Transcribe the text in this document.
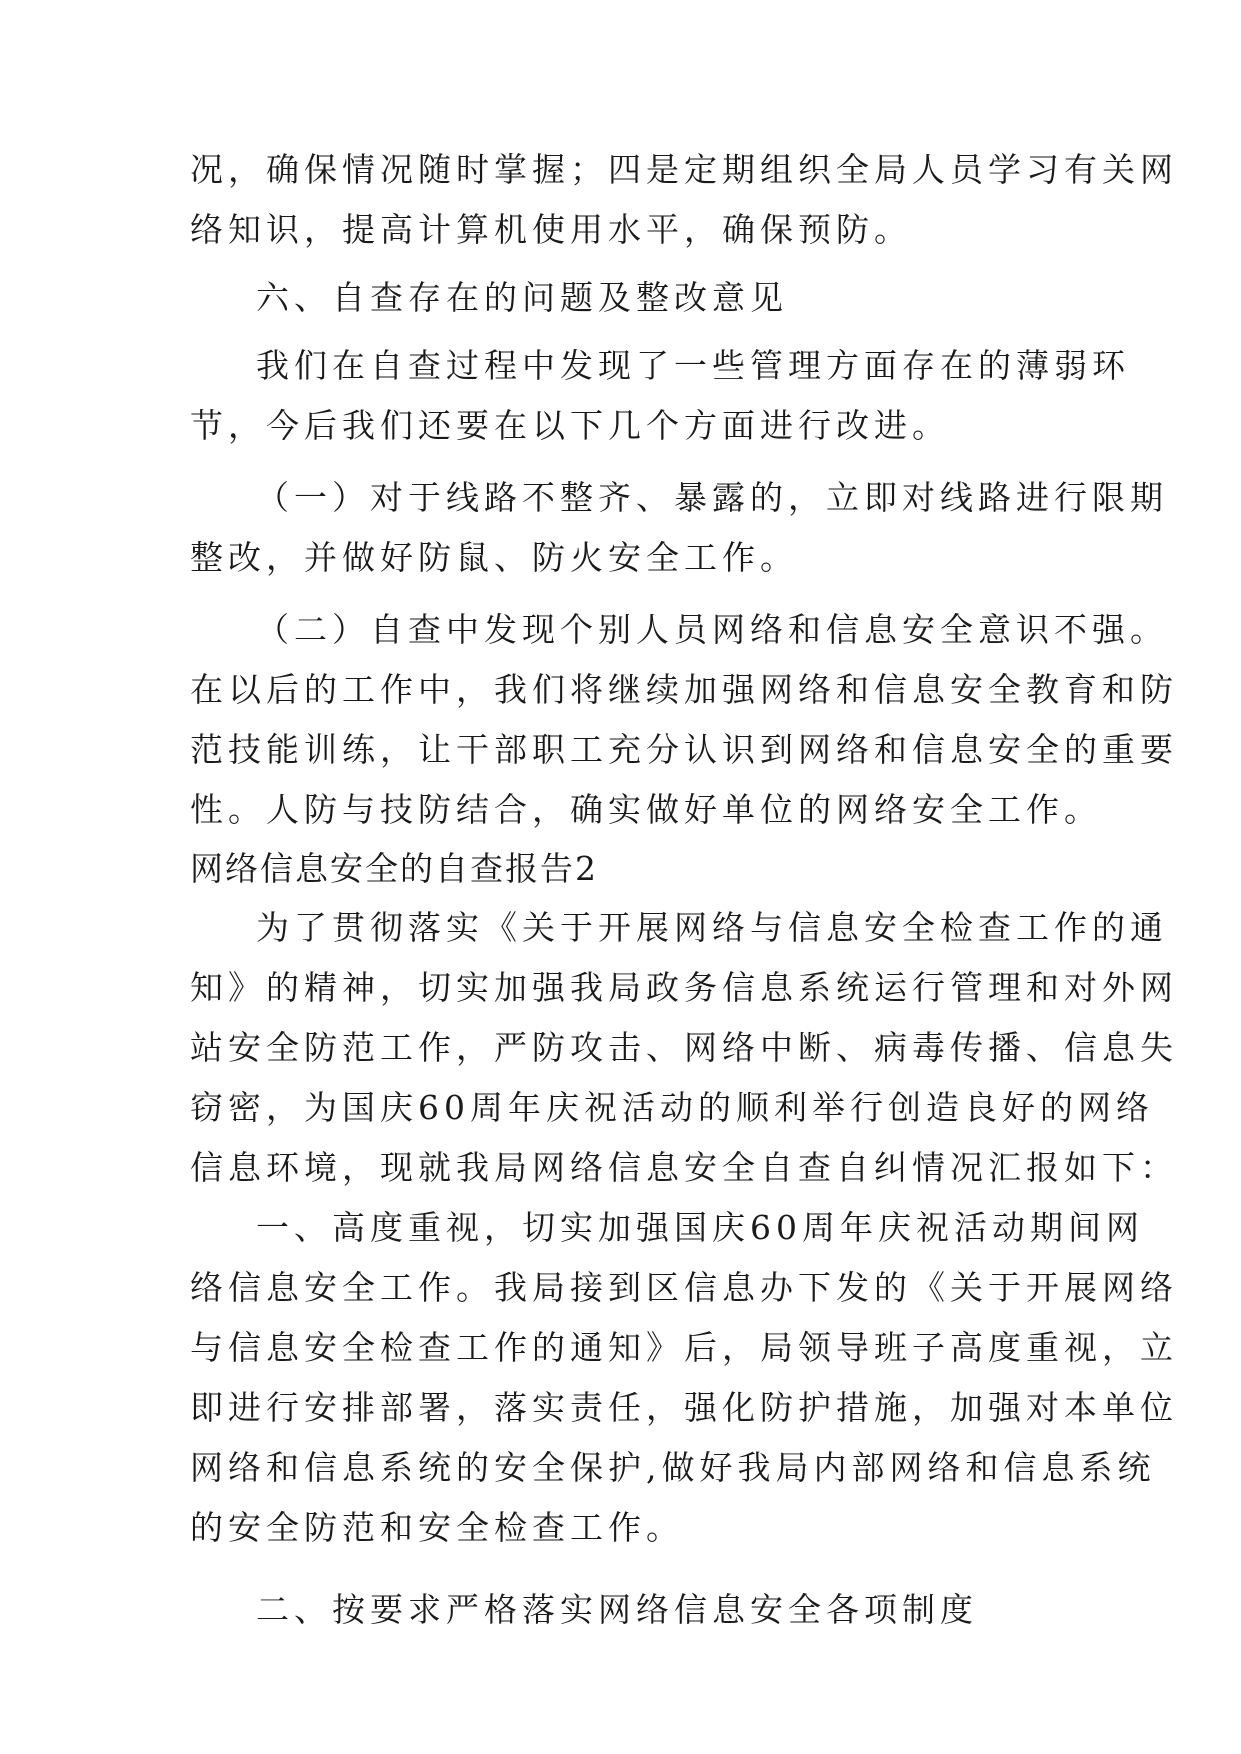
况，确保情况随时掌握；四是定期组织全局人员学习有关网
络知识，提高计算机使用水平，确保预防。
六、自查存在的问题及整改意见
我们在自查过程中发现了一些管理方面存在的薄弱环
节，今后我们还要在以下几个方面进行改进。
（一）对于线路不整齐、暴露的，立即对线路进行限期
整改，并做好防鼠、防火安全工作。
（二）自查中发现个别人员网络和信息安全意识不强。
在以后的工作中，我们将继续加强网络和信息安全教育和防
范技能训练，让干部职工充分认识到网络和信息安全的重要
性。人防与技防结合，确实做好单位的网络安全工作。
网络信息安全的自查报告2
为了贯彻落实《关于开展网络与信息安全检查工作的通
知》的精神，切实加强我局政务信息系统运行管理和对外网
站安全防范工作，严防攻击、网络中断、病毒传播、信息失
窃密，为国庆60周年庆祝活动的顺利举行创造良好的网络
信息环境，现就我局网络信息安全自查自纠情况汇报如下：
一、高度重视，切实加强国庆60周年庆祝活动期间网
络信息安全工作。我局接到区信息办下发的《关于开展网络
与信息安全检查工作的通知》后，局领导班子高度重视，立
即进行安排部署，落实责任，强化防护措施，加强对本单位
网络和信息系统的安全保护,做好我局内部网络和信息系统
的安全防范和安全检查工作。
二、按要求严格落实网络信息安全各项制度
